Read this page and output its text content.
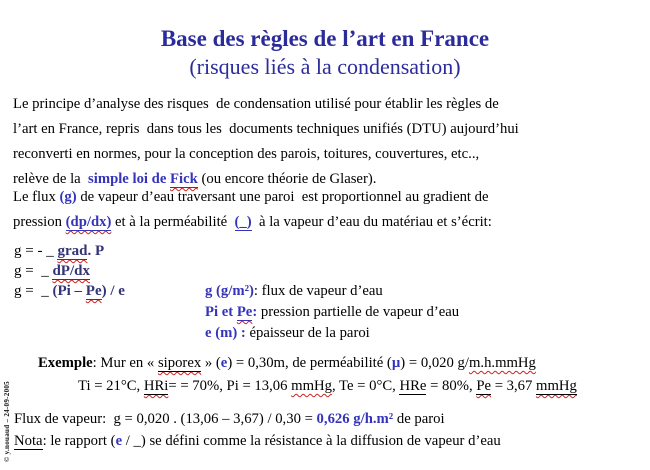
© y.nouaud – 24-09-2005
Base des règles de l’art en France
(risques liés à la condensation)
Le principe d’analyse des risques  de condensation utilisé pour établir les règles de
l’art en France, repris  dans tous les  documents techniques unifiés (DTU) aujourd’hui
reconverti en normes, pour la conception des parois, toitures, couvertures, etc..,
relève de la  simple loi de Fick (ou encore théorie de Glaser).
Le flux (g) de vapeur d’eau traversant une paroi  est proportionnel au gradient de
pression (dp/dx) et à la perméabilité  (_)  à la vapeur d’eau du matériau et s’écrit:
g = - _ grad. P
g =  _ dP/dx
g =  _ (Pi – Pe) / e	g (g/m²): flux de vapeur d’eau
Pi et Pe: pression partielle de vapeur d’eau
e (m) : épaisseur de la paroi
Exemple: Mur en « siporex » (e) = 0,30m, de perméabilité (µ) = 0,020 g/m.h.mmHg
Ti = 21°C, HRi= = 70%, Pi = 13,06 mmHg, Te = 0°C, HRe = 80%, Pe = 3,67 mmHg
Flux de vapeur:  g = 0,020 . (13,06 – 3,67) / 0,30 = 0,626 g/h.m² de paroi
Nota: le rapport (e / _) se défini comme la résistance à la diffusion de vapeur d’eau
